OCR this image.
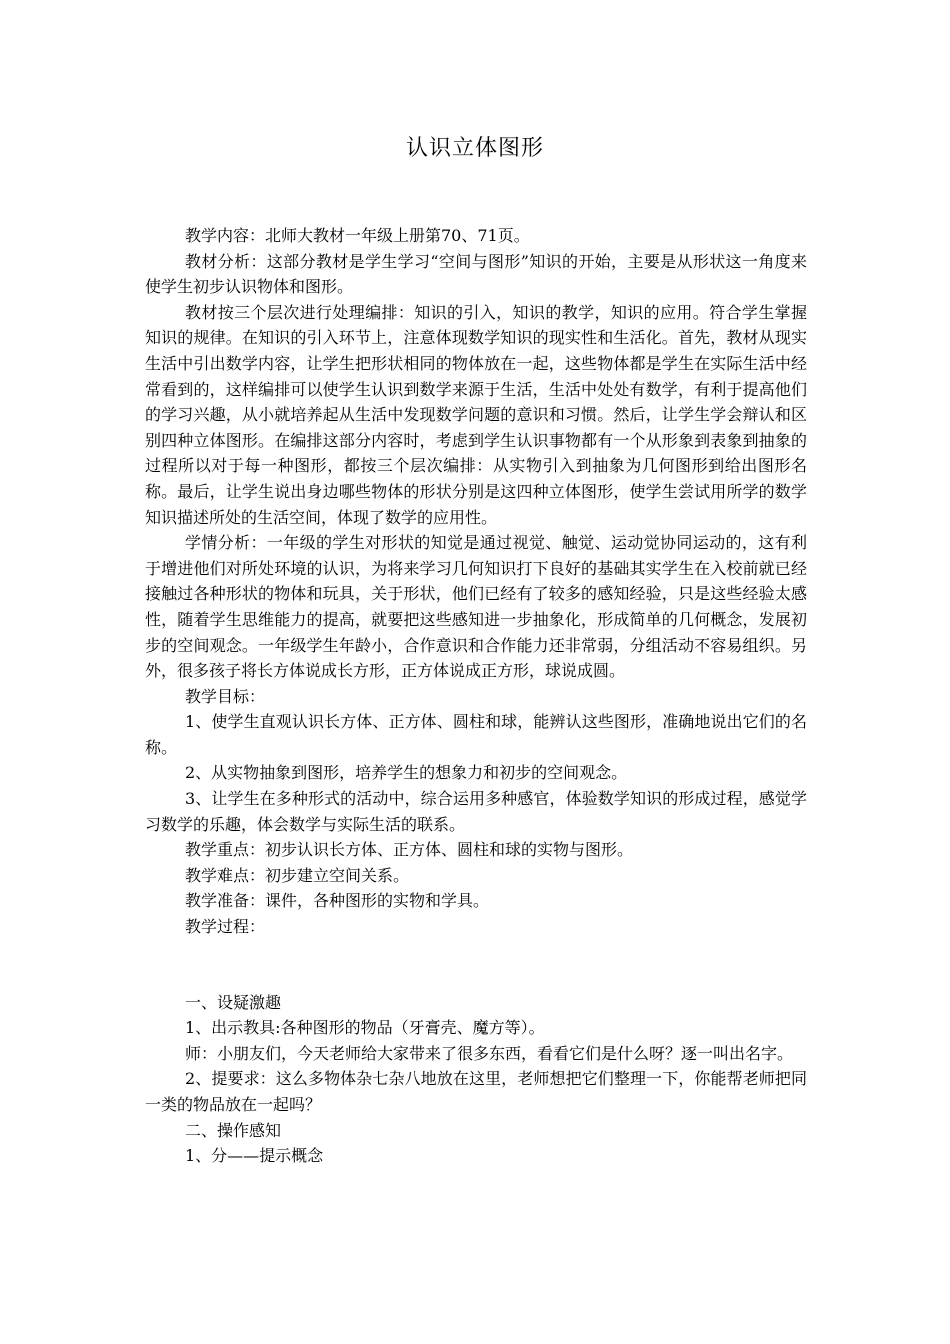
认识立体图形

教学内容：北师大教材一年级上册第70、71页。

教材分析：这部分教材是学生学习“空间与图形”知识的开始，主要是从形状这一角度来使学生初步认识物体和图形。

教材按三个层次进行处理编排：知识的引入，知识的教学，知识的应用。符合学生掌握知识的规律。在知识的引入环节上，注意体现数学知识的现实性和生活化。首先，教材从现实生活中引出数学内容，让学生把形状相同的物体放在一起，这些物体都是学生在实际生活中经常看到的，这样编排可以使学生认识到数学来源于生活，生活中处处有数学，有利于提高他们的学习兴趣，从小就培养起从生活中发现数学问题的意识和习惯。然后，让学生学会辩认和区别四种立体图形。在编排这部分内容时，考虑到学生认识事物都有一个从形象到表象到抽象的过程所以对于每一种图形，都按三个层次编排：从实物引入到抽象为几何图形到给出图形名称。最后，让学生说出身边哪些物体的形状分别是这四种立体图形，使学生尝试用所学的数学知识描述所处的生活空间，体现了数学的应用性。

学情分析：一年级的学生对形状的知觉是通过视觉、触觉、运动觉协同运动的，这有利于增进他们对所处环境的认识，为将来学习几何知识打下良好的基础其实学生在入校前就已经接触过各种形状的物体和玩具，关于形状，他们已经有了较多的感知经验，只是这些经验太感性，随着学生思维能力的提高，就要把这些感知进一步抽象化，形成简单的几何概念，发展初步的空间观念。一年级学生年龄小，合作意识和合作能力还非常弱，分组活动不容易组织。另外，很多孩子将长方体说成长方形，正方体说成正方形，球说成圆。

教学目标：

1、使学生直观认识长方体、正方体、圆柱和球，能辨认这些图形，准确地说出它们的名称。

2、从实物抽象到图形，培养学生的想象力和初步的空间观念。

3、让学生在多种形式的活动中，综合运用多种感官，体验数学知识的形成过程，感觉学习数学的乐趣，体会数学与实际生活的联系。

教学重点：初步认识长方体、正方体、圆柱和球的实物与图形。

教学难点：初步建立空间关系。

教学准备：课件，各种图形的实物和学具。

教学过程：

一、设疑激趣

1、出示教具:各种图形的物品（牙膏壳、魔方等）。

师：小朋友们，今天老师给大家带来了很多东西，看看它们是什么呀？逐一叫出名字。

2、提要求：这么多物体杂七杂八地放在这里，老师想把它们整理一下，你能帮老师把同一类的物品放在一起吗？

二、操作感知

1、分——提示概念
